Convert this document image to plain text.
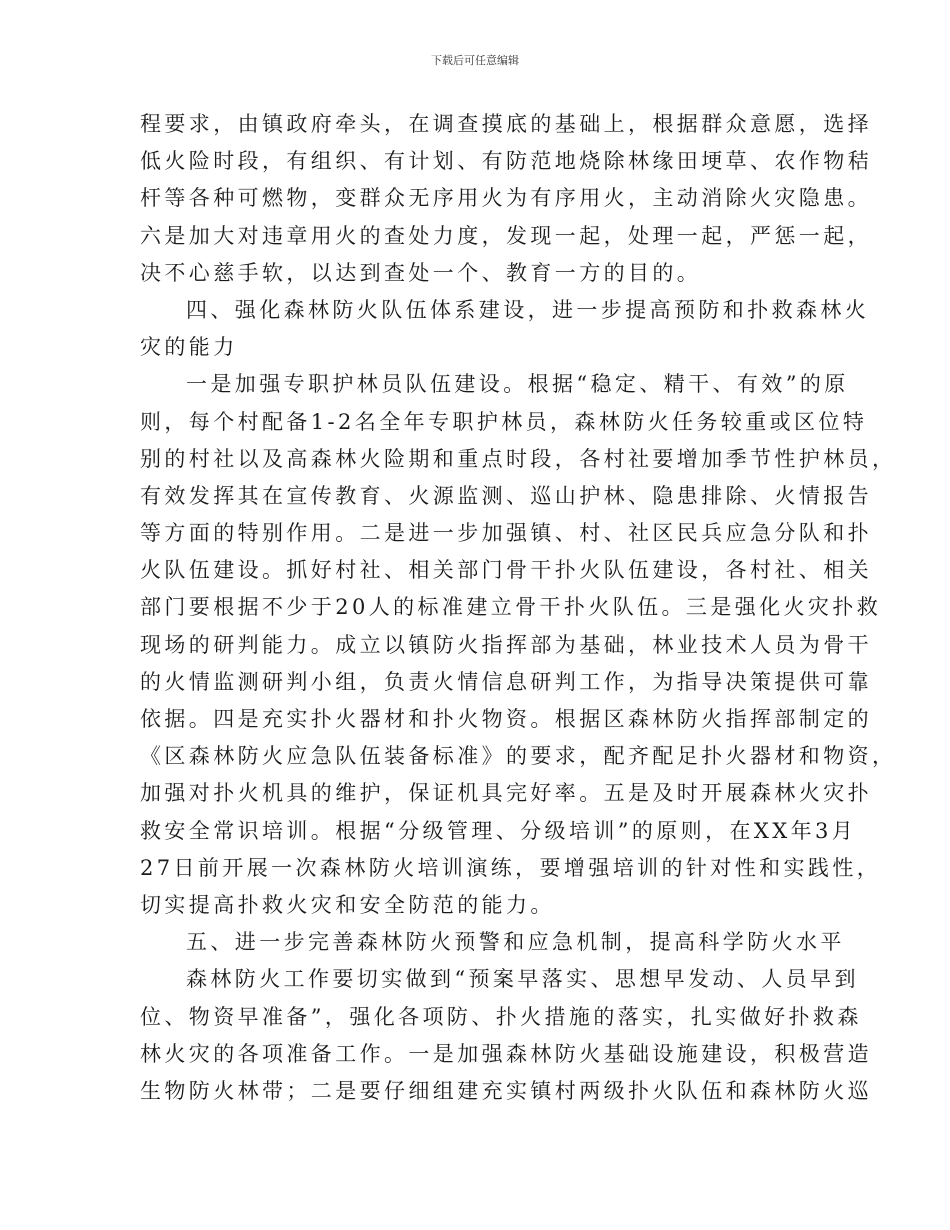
下载后可任意编辑
程要求，由镇政府牵头，在调查摸底的基础上，根据群众意愿，选择
低火险时段，有组织、有计划、有防范地烧除林缘田埂草、农作物秸
杆等各种可燃物，变群众无序用火为有序用火，主动消除火灾隐患。
六是加大对违章用火的查处力度，发现一起，处理一起，严惩一起，
决不心慈手软，以达到查处一个、教育一方的目的。
四、强化森林防火队伍体系建设，进一步提高预防和扑救森林火
灾的能力
一是加强专职护林员队伍建设。根据“稳定、精干、有效”的原
则，每个村配备1-2名全年专职护林员，森林防火任务较重或区位特
别的村社以及高森林火险期和重点时段，各村社要增加季节性护林员，
有效发挥其在宣传教育、火源监测、巡山护林、隐患排除、火情报告
等方面的特别作用。二是进一步加强镇、村、社区民兵应急分队和扑
火队伍建设。抓好村社、相关部门骨干扑火队伍建设，各村社、相关
部门要根据不少于20人的标准建立骨干扑火队伍。三是强化火灾扑救
现场的研判能力。成立以镇防火指挥部为基础，林业技术人员为骨干
的火情监测研判小组，负责火情信息研判工作，为指导决策提供可靠
依据。四是充实扑火器材和扑火物资。根据区森林防火指挥部制定的
《区森林防火应急队伍装备标准》的要求，配齐配足扑火器材和物资，
加强对扑火机具的维护，保证机具完好率。五是及时开展森林火灾扑
救安全常识培训。根据“分级管理、分级培训”的原则，在XX年3月
27日前开展一次森林防火培训演练，要增强培训的针对性和实践性，
切实提高扑救火灾和安全防范的能力。
五、进一步完善森林防火预警和应急机制，提高科学防火水平
森林防火工作要切实做到“预案早落实、思想早发动、人员早到
位、物资早准备”，强化各项防、扑火措施的落实，扎实做好扑救森
林火灾的各项准备工作。一是加强森林防火基础设施建设，积极营造
生物防火林带；二是要仔细组建充实镇村两级扑火队伍和森林防火巡
